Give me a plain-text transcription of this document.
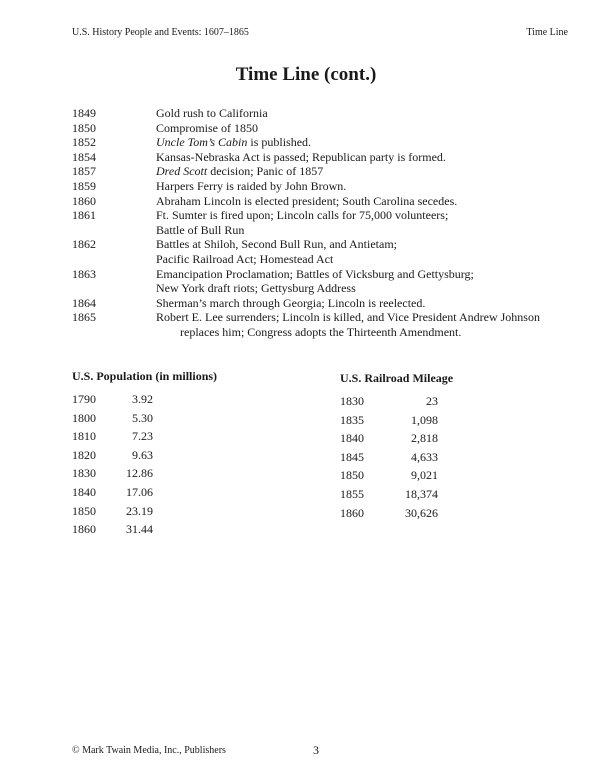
U.S. History People and Events: 1607–1865	Time Line
Time Line (cont.)
1849	Gold rush to California
1850	Compromise of 1850
1852	Uncle Tom’s Cabin is published.
1854	Kansas-Nebraska Act is passed; Republican party is formed.
1857	Dred Scott decision; Panic of 1857
1859	Harpers Ferry is raided by John Brown.
1860	Abraham Lincoln is elected president; South Carolina secedes.
1861	Ft. Sumter is fired upon; Lincoln calls for 75,000 volunteers;
Battle of Bull Run
1862	Battles at Shiloh, Second Bull Run, and Antietam;
Pacific Railroad Act; Homestead Act
1863	Emancipation Proclamation; Battles of Vicksburg and Gettysburg;
New York draft riots; Gettysburg Address
1864	Sherman’s march through Georgia; Lincoln is reelected.
1865	Robert E. Lee surrenders; Lincoln is killed, and Vice President Andrew Johnson
replaces him; Congress adopts the Thirteenth Amendment.
U.S. Population (in millions)
1790	3.92
1800	5.30
1810	7.23
1820	9.63
1830	12.86
1840	17.06
1850	23.19
1860	31.44
U.S. Railroad Mileage
1830	23
1835	1,098
1840	2,818
1845	4,633
1850	9,021
1855	18,374
1860	30,626
© Mark Twain Media, Inc., Publishers	3
